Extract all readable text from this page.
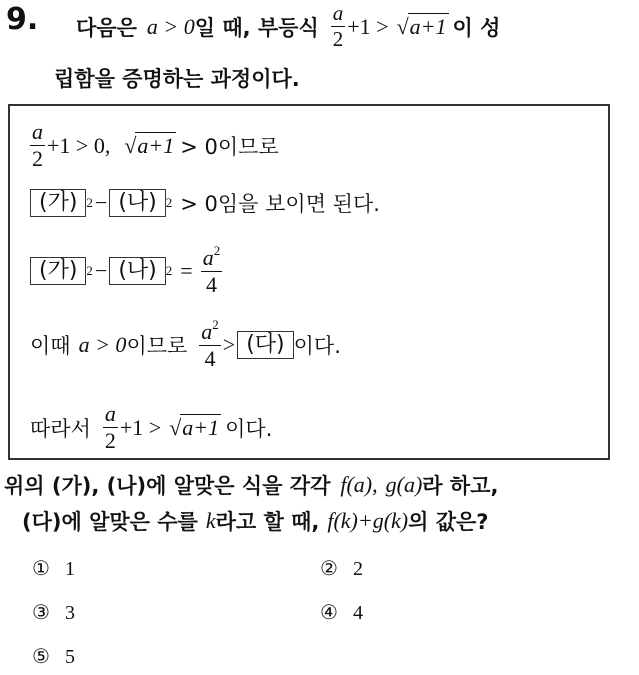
9. 다음은 a > 0 일 때, 부등식 $\frac{a}{2} +1 > √a+1$ 이 성
립함을 증명하는 과정이다.
$\frac{a}{2} +1 > 0$, √a+1 > 0이므로
(가) 2 − (나) 2 > 0임을 보이면 된다.
(가) 2 − (나) $2 = \frac{a^2}{4}$
이때 a > 0 이므로 $\frac{a^2}{4}$ > (다) 이다.
따라서 $\frac{a}{2} +1 > √a+1$ 이다.
위의 (가), (나)에 알맞은 식을 각각 f(a) , g(a) 라 하고,
(다)에 알맞은 수를 k 라고 할 때, f(k)+g(k) 의 값은?
① 1	② 2
③ 3	④ 4
⑤ 5
